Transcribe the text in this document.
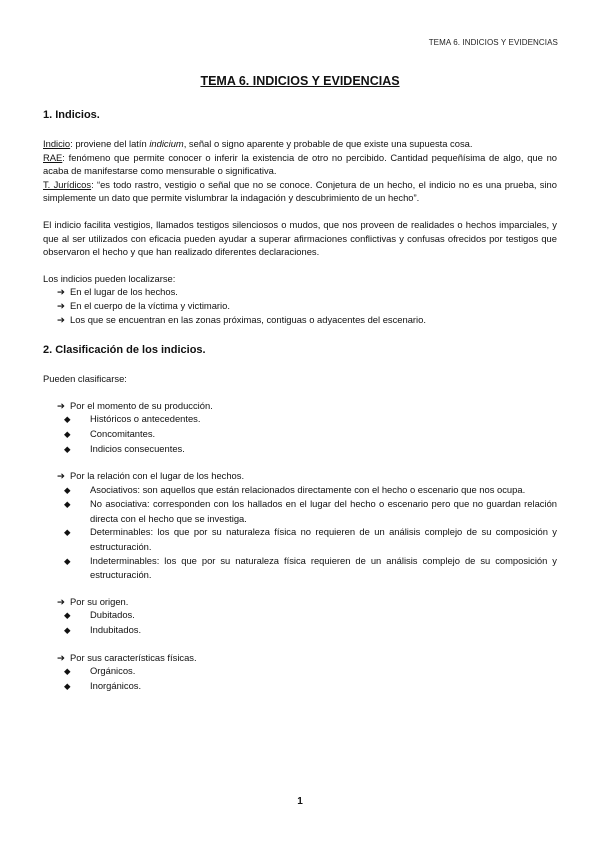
TEMA 6. INDICIOS Y EVIDENCIAS
TEMA 6. INDICIOS Y EVIDENCIAS
1. Indicios.

Indicio: proviene del latín indicium, señal o signo aparente y probable de que existe una supuesta cosa.

RAE: fenómeno que permite conocer o inferir la existencia de otro no percibido. Cantidad pequeñísima de algo, que no acaba de manifestarse como mensurable o significativa.

T. Jurídicos: “es todo rastro, vestigio o señal que no se conoce. Conjetura de un hecho, el indicio no es una prueba, sino simplemente un dato que permite vislumbrar la indagación y descubrimiento de un hecho”.

El indicio facilita vestigios, llamados testigos silenciosos o mudos, que nos proveen de realidades o hechos imparciales, y que al ser utilizados con eficacia pueden ayudar a superar afirmaciones conflictivas y confusas ofrecidos por testigos que observaron el hecho y que han realizado diferentes declaraciones.

Los indicios pueden localizarse:

➔ En el lugar de los hechos.
➔ En el cuerpo de la víctima y victimario.
➔ Los que se encuentran en las zonas próximas, contiguas o adyacentes del escenario.
2. Clasificación de los indicios.

Pueden clasificarse:

➔ Por el momento de su producción.
◆ Históricos o antecedentes.
◆ Concomitantes.
◆ Indicios consecuentes.
➔ Por la relación con el lugar de los hechos.
◆ Asociativos: son aquellos que están relacionados directamente con el hecho o escenario que nos ocupa.
◆ No asociativa: corresponden con los hallados en el lugar del hecho o escenario pero que no guardan relación directa con el hecho que se investiga.
◆ Determinables: los que por su naturaleza física no requieren de un análisis complejo de su composición y estructuración.
◆ Indeterminables: los que por su naturaleza física requieren de un análisis complejo de su composición y estructuración.
➔ Por su origen.
◆ Dubitados.
◆ Indubitados.
➔ Por sus características físicas.
◆ Orgánicos.
◆ Inorgánicos.
1
